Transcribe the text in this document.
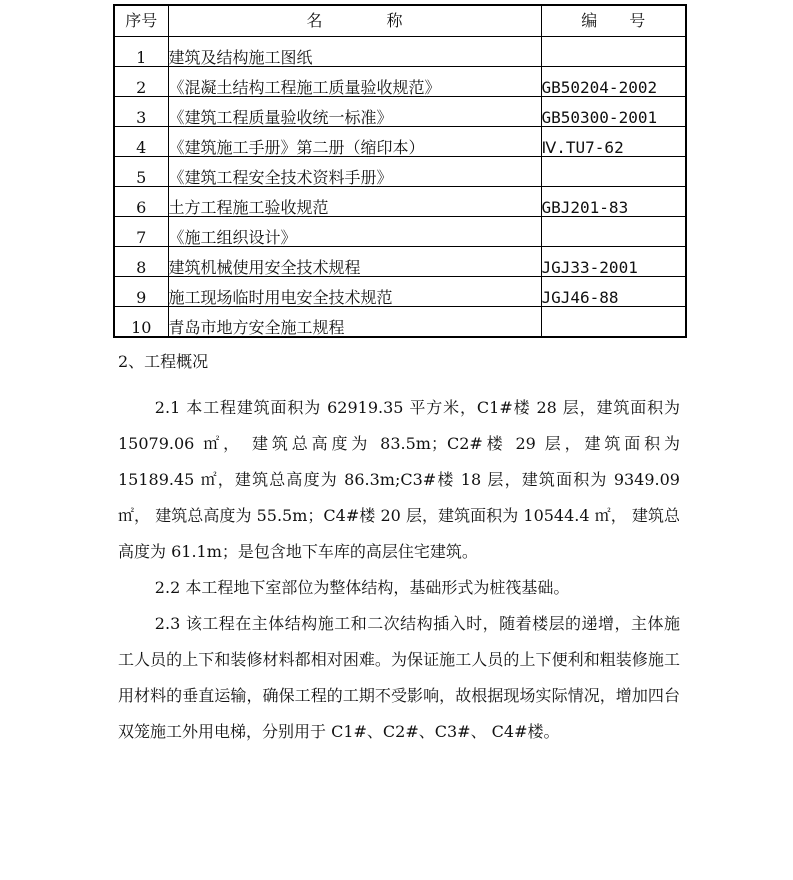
序号	名　　　　称	编　　号
1	建筑及结构施工图纸	
2	《混凝土结构工程施工质量验收规范》	GB50204-2002
3	《建筑工程质量验收统一标准》	GB50300-2001
4	《建筑施工手册》第二册（缩印本）	Ⅳ.TU7-62
5	《建筑工程安全技术资料手册》	
6	土方工程施工验收规范	GBJ201-83
7	《施工组织设计》	
8	建筑机械使用安全技术规程	JGJ33-2001
9	施工现场临时用电安全技术规范	JGJ46-88
10	青岛市地方安全施工规程	
2、工程概况

2.1 本工程建筑面积为 62919.35 平方米，C1#楼 28 层，建筑面积为 15079.06 ㎡， 建筑总高度为 83.5m；C2#楼 29 层，建筑面积为 15189.45 ㎡，建筑总高度为 86.3m;C3#楼 18 层，建筑面积为 9349.09 ㎡， 建筑总高度为 55.5m；C4#楼 20 层，建筑面积为 10544.4 ㎡， 建筑总高度为 61.1m；是包含地下车库的高层住宅建筑。

2.2 本工程地下室部位为整体结构，基础形式为桩筏基础。

2.3 该工程在主体结构施工和二次结构插入时，随着楼层的递增，主体施工人员的上下和装修材料都相对困难。为保证施工人员的上下便利和粗装修施工用材料的垂直运输，确保工程的工期不受影响，故根据现场实际情况，增加四台双笼施工外用电梯，分别用于 C1#、C2#、C3#、 C4#楼。
